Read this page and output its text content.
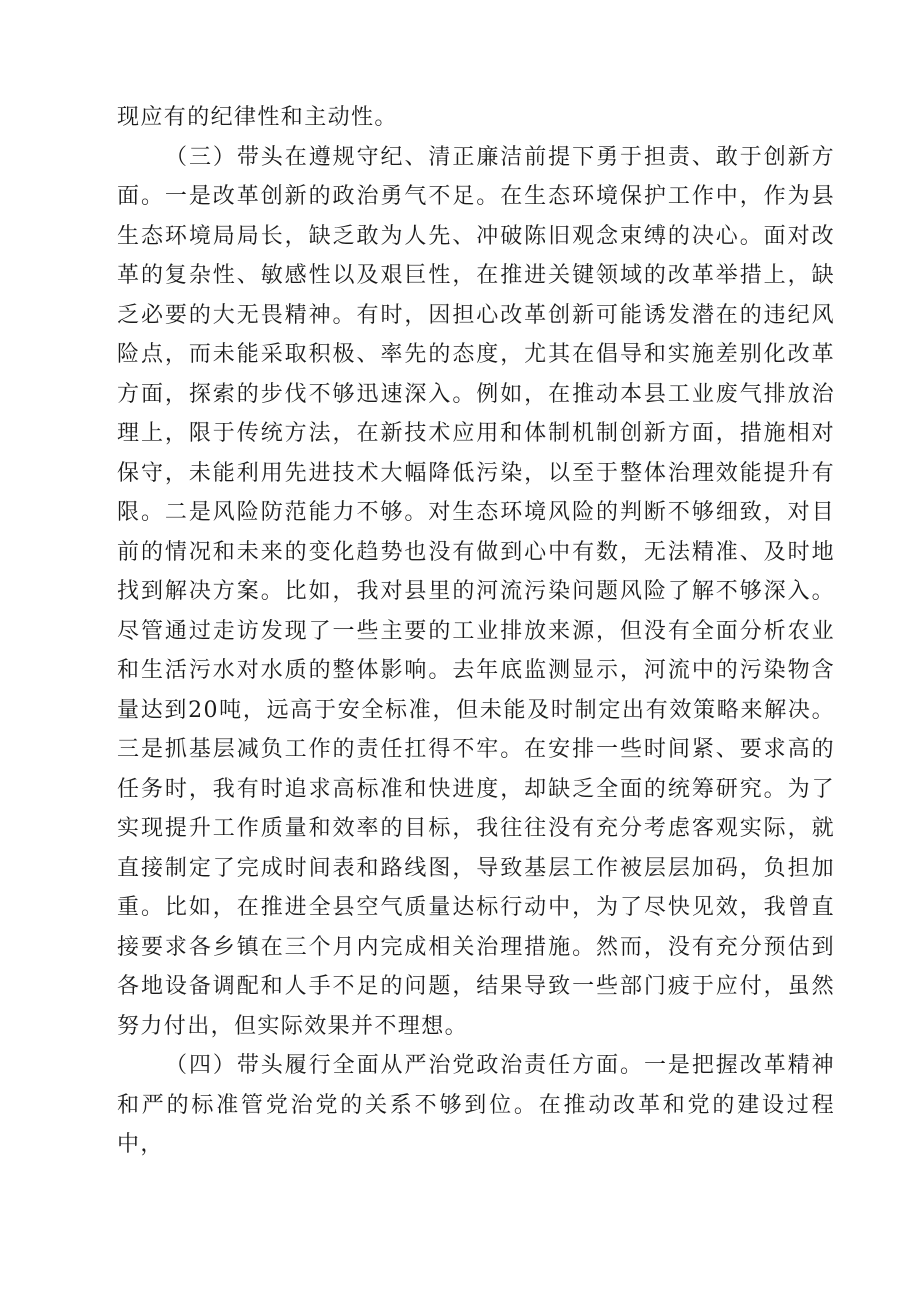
现应有的纪律性和主动性。

（三）带头在遵规守纪、清正廉洁前提下勇于担责、敢于创新方面。一是改革创新的政治勇气不足。在生态环境保护工作中，作为县生态环境局局长，缺乏敢为人先、冲破陈旧观念束缚的决心。面对改革的复杂性、敏感性以及艰巨性，在推进关键领域的改革举措上，缺乏必要的大无畏精神。有时，因担心改革创新可能诱发潜在的违纪风险点，而未能采取积极、率先的态度，尤其在倡导和实施差别化改革方面，探索的步伐不够迅速深入。例如，在推动本县工业废气排放治理上，限于传统方法，在新技术应用和体制机制创新方面，措施相对保守，未能利用先进技术大幅降低污染，以至于整体治理效能提升有限。二是风险防范能力不够。对生态环境风险的判断不够细致，对目前的情况和未来的变化趋势也没有做到心中有数，无法精准、及时地找到解决方案。比如，我对县里的河流污染问题风险了解不够深入。尽管通过走访发现了一些主要的工业排放来源，但没有全面分析农业和生活污水对水质的整体影响。去年底监测显示，河流中的污染物含量达到20吨，远高于安全标准，但未能及时制定出有效策略来解决。三是抓基层减负工作的责任扛得不牢。在安排一些时间紧、要求高的任务时，我有时追求高标准和快进度，却缺乏全面的统筹研究。为了实现提升工作质量和效率的目标，我往往没有充分考虑客观实际，就直接制定了完成时间表和路线图，导致基层工作被层层加码，负担加重。比如，在推进全县空气质量达标行动中，为了尽快见效，我曾直接要求各乡镇在三个月内完成相关治理措施。然而，没有充分预估到各地设备调配和人手不足的问题，结果导致一些部门疲于应付，虽然努力付出，但实际效果并不理想。

（四）带头履行全面从严治党政治责任方面。一是把握改革精神和严的标准管党治党的关系不够到位。在推动改革和党的建设过程中，
